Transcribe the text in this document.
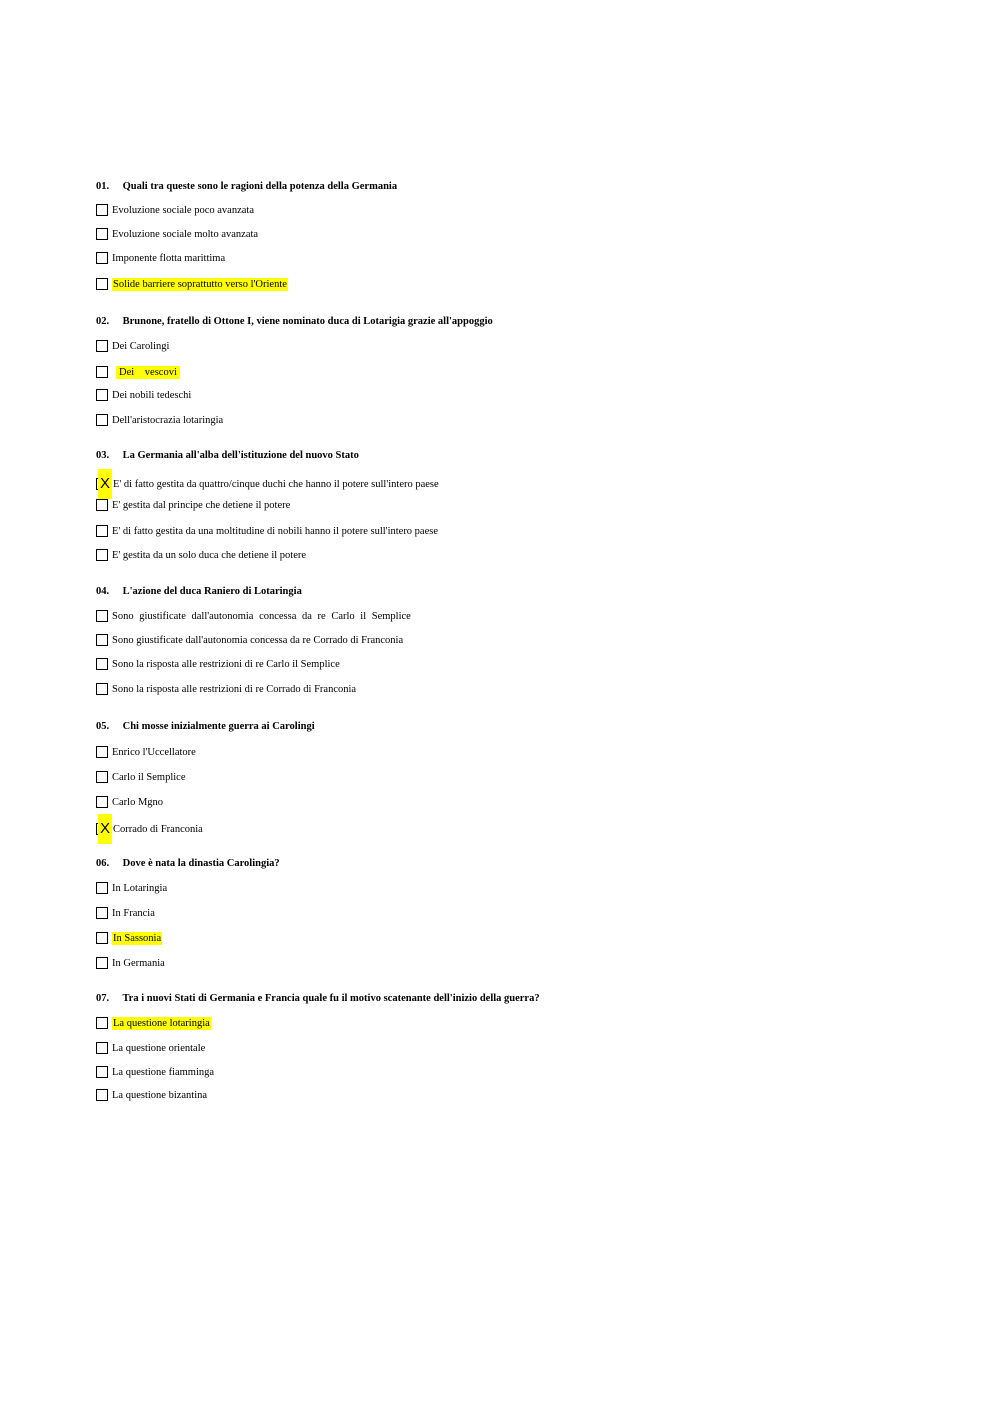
01. Quali tra queste sono le ragioni della potenza della Germania
Evoluzione sociale poco avanzata
Evoluzione sociale molto avanzata
Imponente flotta marittima
Solide barriere soprattutto verso l'Oriente
02. Brunone, fratello di Ottone I, viene nominato duca di Lotarigia grazie all'appoggio
Dei Carolingi
Dei vescovi
Dei nobili tedeschi
Dell'aristocrazia lotaringia
03. La Germania all'alba dell'istituzione del nuovo Stato
X E' di fatto gestita da quattro/cinque duchi che hanno il potere sull'intero paese
E' gestita dal principe che detiene il potere
E' di fatto gestita da una moltitudine di nobili hanno il potere sull'intero paese
E' gestita da un solo duca che detiene il potere
04. L'azione del duca Raniero di Lotaringia
Sono giustificate dall'autonomia concessa da re Carlo il Semplice
Sono giustificate dall'autonomia concessa da re Corrado di Franconia
Sono la risposta alle restrizioni di re Carlo il Semplice
Sono la risposta alle restrizioni di re Corrado di Franconia
05. Chi mosse inizialmente guerra ai Carolingi
Enrico l'Uccellatore
Carlo il Semplice
Carlo Mgno
X Corrado di Franconia
06. Dove è nata la dinastia Carolingia?
In Lotaringia
In Francia
In Sassonia
In Germania
07. Tra i nuovi Stati di Germania e Francia quale fu il motivo scatenante dell'inizio della guerra?
La questione lotaringia
La questione orientale
La questione fiamminga
La questione bizantina
